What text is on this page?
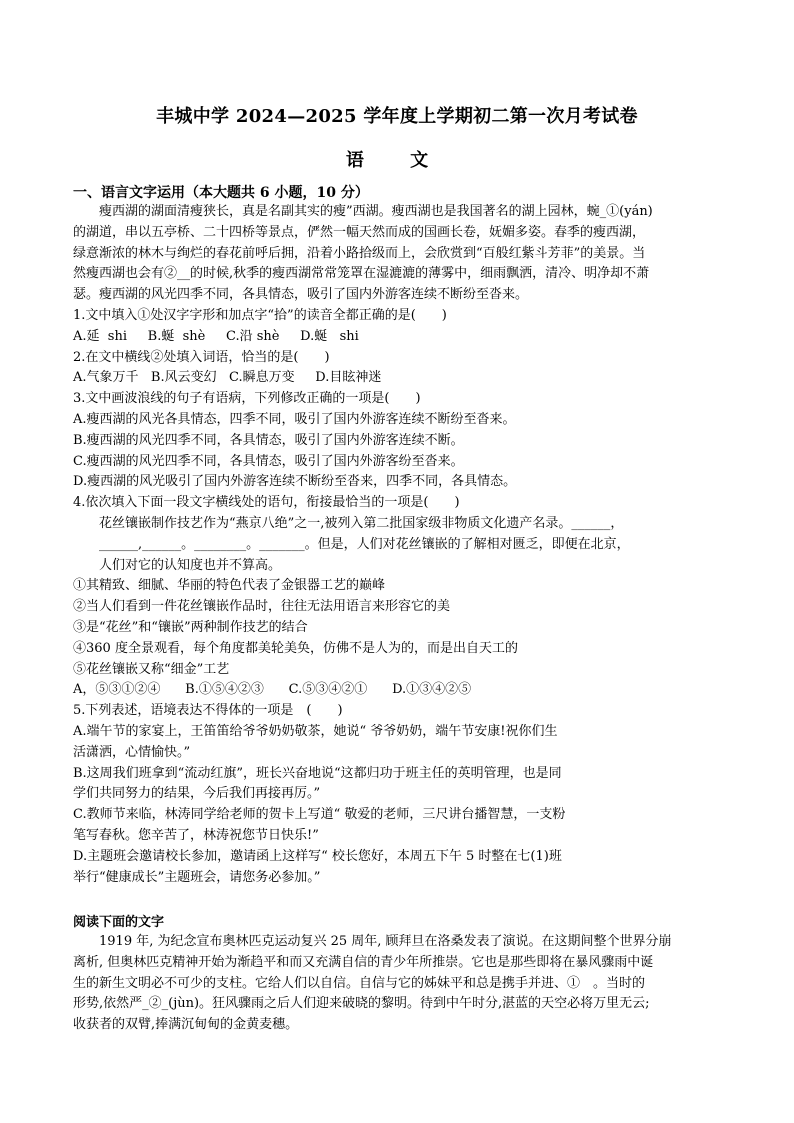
丰城中学 2024—2025 学年度上学期初二第一次月考试卷
语 文
一、语言文字运用（本大题共 6 小题，10 分）

瘦西湖的湖面清瘦狭长，真是名副其实的瘦”西湖。瘦西湖也是我国著名的湖上园林，蜿_①(yán)

的湖道，串以五亭桥、二十四桥等景点，俨然一幅天然而成的国画长卷，妩媚多姿。春季的瘦西湖，

绿意渐浓的林木与绚烂的春花前呼后拥，沿着小路拾级而上，会欣赏到“百般红紫斗芳菲”的美景。当

然瘦西湖也会有②__的时候,秋季的瘦西湖常常笼罩在湿漉漉的薄雾中，细雨飘洒，清冷、明净却不萧

瑟。瘦西湖的风光四季不同，各具情态，吸引了国内外游客连续不断纷至沓来。

1.文中填入①处汉字字形和加点字“拾”的读音全都正确的是(　　)

A.延  shi     B.蜒  shè     C.沿 shè     D.蜒   shi

2.在文中横线②处填入词语，恰当的是(　　)

A.气象万千   B.风云变幻   C.瞬息万变     D.目眩神迷

3.文中画波浪线的句子有语病，下列修改正确的一项是(　　)

A.瘦西湖的风光各具情态，四季不同，吸引了国内外游客连续不断纷至沓来。

B.瘦西湖的风光四季不同，各具情态，吸引了国内外游客连续不断。

C.瘦西湖的风光四季不同，各具情态，吸引了国内外游客纷至沓来。

D.瘦西湖的风光吸引了国内外游客连续不断纷至沓来，四季不同，各具情态。

4.依次填入下面一段文字横线处的语句，衔接最恰当的一项是(　　)

花丝镶嵌制作技艺作为“燕京八绝”之一,被列入第二批国家级非物质文化遗产名录。______，

______,______。________。_______。但是，人们对花丝镶嵌的了解相对匮乏，即便在北京，

人们对它的认知度也并不算高。

①其精致、细腻、华丽的特色代表了金银器工艺的巅峰

②当人们看到一件花丝镶嵌作品时，往往无法用语言来形容它的美

③是“花丝”和“镶嵌”两种制作技艺的结合

④360 度全景观看，每个角度都美轮美奂，仿佛不是人为的，而是出自天工的

⑤花丝镶嵌又称“细金”工艺

A，⑤③①②④      B.①⑤④②③      C.⑤③④②①      D.①③④②⑤

5.下列表述，语境表达不得体的一项是　(　　)

A.端午节的家宴上，王笛笛给爷爷奶奶敬茶，她说“ 爷爷奶奶，端午节安康!祝你们生

活潇洒，心情愉快。”

B.这周我们班拿到“流动红旗”，班长兴奋地说“这都归功于班主任的英明管理，也是同

学们共同努力的结果，今后我们再接再厉。”

C.教师节来临，林涛同学给老师的贺卡上写道“ 敬爱的老师，三尺讲台播智慧，一支粉

笔写春秋。您辛苦了，林涛祝您节日快乐!”

D.主题班会邀请校长参加，邀请函上这样写“ 校长您好，本周五下午 5 时整在七(1)班

举行“健康成长”主题班会，请您务必参加。”

阅读下面的文字

1919 年, 为纪念宣布奥林匹克运动复兴 25 周年, 顾拜旦在洛桑发表了演说。在这期间整个世界分崩

离析, 但奥林匹克精神开始为渐趋平和而又充满自信的青少年所推崇。它也是那些即将在暴风骤雨中诞

生的新生文明必不可少的支柱。它给人们以自信。自信与它的姊妹平和总是携手并进、①　。当时的

形势,依然严_②_(jùn)。狂风骤雨之后人们迎来破晓的黎明。待到中午时分,湛蓝的天空必将万里无云;

收获者的双臂,捧满沉甸甸的金黄麦穗。
